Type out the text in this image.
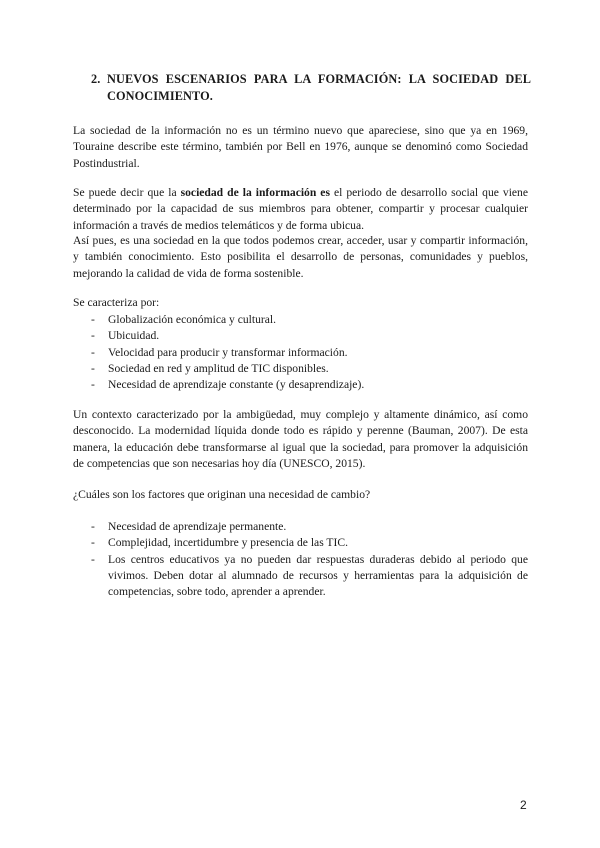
2. NUEVOS ESCENARIOS PARA LA FORMACIÓN: LA SOCIEDAD DEL CONOCIMIENTO.

La sociedad de la información no es un término nuevo que apareciese, sino que ya en 1969, Touraine describe este término, también por Bell en 1976, aunque se denominó como Sociedad Postindustrial.

Se puede decir que la sociedad de la información es el periodo de desarrollo social que viene determinado por la capacidad de sus miembros para obtener, compartir y procesar cualquier información a través de medios telemáticos y de forma ubicua.

Así pues, es una sociedad en la que todos podemos crear, acceder, usar y compartir información, y también conocimiento. Esto posibilita el desarrollo de personas, comunidades y pueblos, mejorando la calidad de vida de forma sostenible.

Se caracteriza por:

- Globalización económica y cultural.
- Ubicuidad.
- Velocidad para producir y transformar información.
- Sociedad en red y amplitud de TIC disponibles.
- Necesidad de aprendizaje constante (y desaprendizaje).

Un contexto caracterizado por la ambigüedad, muy complejo y altamente dinámico, así como desconocido. La modernidad líquida donde todo es rápido y perenne (Bauman, 2007). De esta manera, la educación debe transformarse al igual que la sociedad, para promover la adquisición de competencias que son necesarias hoy día (UNESCO, 2015).

¿Cuáles son los factores que originan una necesidad de cambio?

- Necesidad de aprendizaje permanente.
- Complejidad, incertidumbre y presencia de las TIC.
- Los centros educativos ya no pueden dar respuestas duraderas debido al periodo que vivimos. Deben dotar al alumnado de recursos y herramientas para la adquisición de competencias, sobre todo, aprender a aprender.
2
